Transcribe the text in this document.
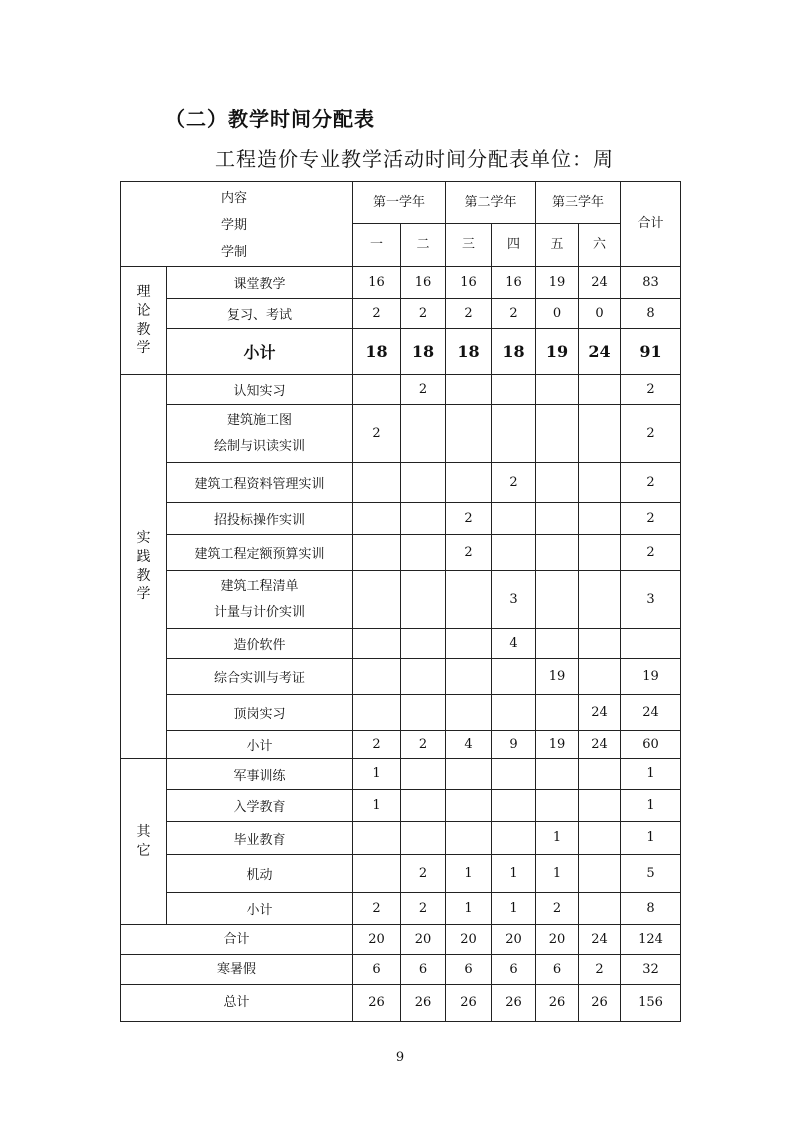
（二）教学时间分配表
工程造价专业教学活动时间分配表单位：周
内容
学期
学制		第一学年		第二学年		第三学年		合计
		一	二	三	四	五	六	

理
论
教
学	课堂教学	16	16	16	16	19	24	83

	复习、考试	2	2	2	2	0	0	8

	小计	18	18	18	18	19	24	91

实
践
教
学	认知实习		2					2

	建筑施工图
绘制与识读实训	2						2

	建筑工程资料管理实训				2			2

	招投标操作实训			2				2

	建筑工程定额预算实训			2				2

	建筑工程清单
计量与计价实训				3			3

	造价软件				4			

	综合实训与考证					19		19

	顶岗实习						24	24

	小计	2	2	4	9	19	24	60

其
它	军事训练	1						1

	入学教育	1						1

	毕业教育					1		1

	机动		2	1	1	1		5

	小计	2	2	1	1	2		8
合计		20	20	20	20	20	24	124
寒暑假		6	6	6	6	6	2	32
总计		26	26	26	26	26	26	156
9
